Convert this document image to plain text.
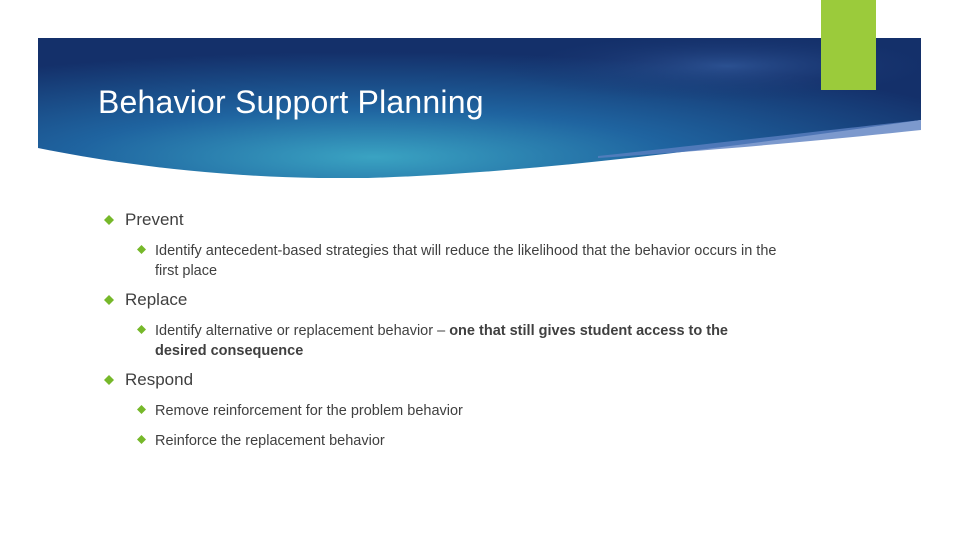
Behavior Support Planning
Prevent
Identify antecedent-based strategies that will reduce the likelihood that the behavior occurs in the first place
Replace
Identify alternative or replacement behavior – one that still gives student access to the desired consequence
Respond
Remove reinforcement for the problem behavior
Reinforce the replacement behavior
